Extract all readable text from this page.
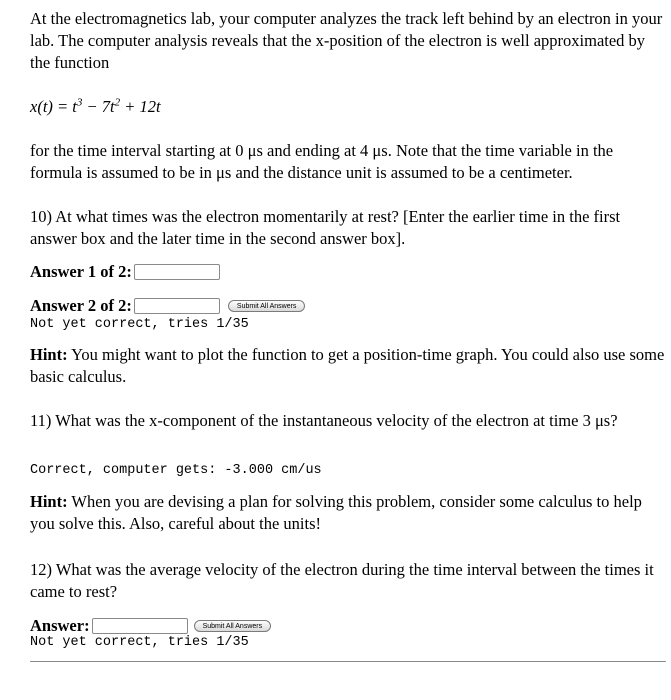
At the electromagnetics lab, your computer analyzes the track left behind by an electron in your lab. The computer analysis reveals that the x-position of the electron is well approximated by the function

$x(t) = t^3 - 7t^2 + 12t$

for the time interval starting at 0 μs and ending at 4 μs. Note that the time variable in the formula is assumed to be in μs and the distance unit is assumed to be a centimeter.

10) At what times was the electron momentarily at rest? [Enter the earlier time in the first answer box and the later time in the second answer box].

Answer 1 of 2:
Answer 2 of 2:	Submit All Answers
Not yet correct, tries 1/35

Hint: You might want to plot the function to get a position-time graph. You could also use some basic calculus.

11) What was the x-component of the instantaneous velocity of the electron at time 3 μs?

Correct, computer gets: -3.000 cm/us

Hint: When you are devising a plan for solving this problem, consider some calculus to help you solve this. Also, careful about the units!

12) What was the average velocity of the electron during the time interval between the times it came to rest?

Answer:	Submit All Answers
Not yet correct, tries 1/35
